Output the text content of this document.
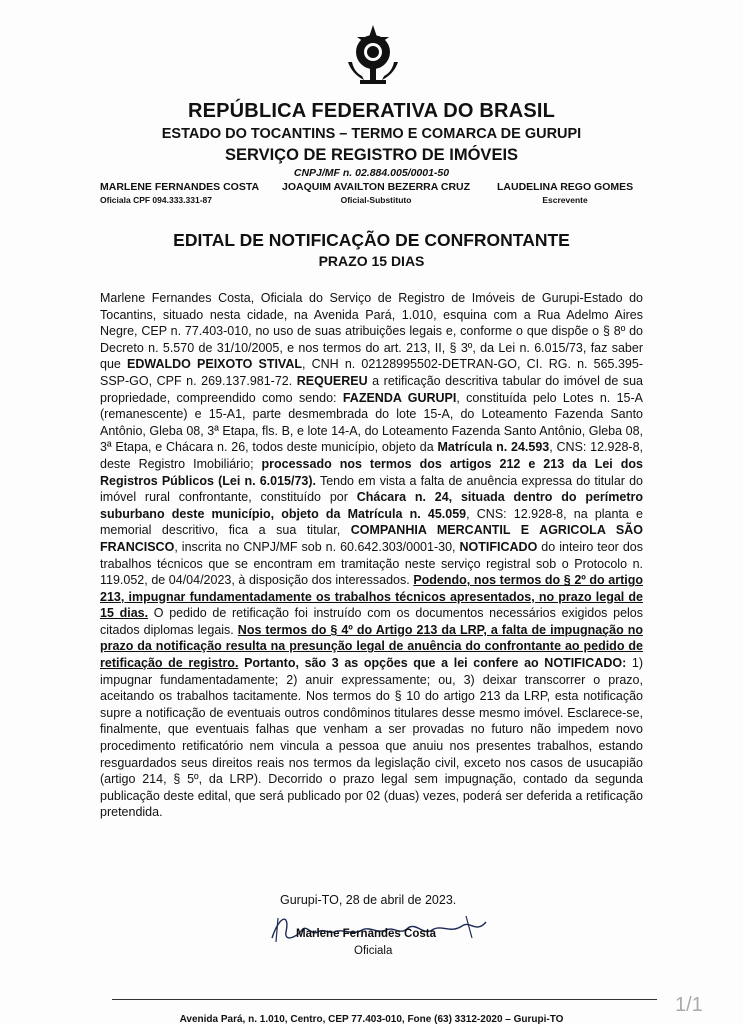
REPÚBLICA FEDERATIVA DO BRASIL
ESTADO DO TOCANTINS – TERMO E COMARCA DE GURUPI
SERVIÇO DE REGISTRO DE IMÓVEIS
CNPJ/MF n. 02.884.005/0001-50
MARLENE FERNANDES COSTA
Oficiala CPF 094.333.331-87
JOAQUIM AVAILTON BEZERRA CRUZ
Oficial-Substituto
LAUDELINA REGO GOMES
Escrevente
EDITAL DE NOTIFICAÇÃO DE CONFRONTANTE
PRAZO 15 DIAS
Marlene Fernandes Costa, Oficiala do Serviço de Registro de Imóveis de Gurupi-Estado do Tocantins, situado nesta cidade, na Avenida Pará, 1.010, esquina com a Rua Adelmo Aires Negre, CEP n. 77.403-010, no uso de suas atribuições legais e, conforme o que dispõe o § 8º do Decreto n. 5.570 de 31/10/2005, e nos termos do art. 213, II, § 3º, da Lei n. 6.015/73, faz saber que EDWALDO PEIXOTO STIVAL, CNH n. 02128995502-DETRAN-GO, CI. RG. n. 565.395-SSP-GO, CPF n. 269.137.981-72. REQUEREU a retificação descritiva tabular do imóvel de sua propriedade, compreendido como sendo: FAZENDA GURUPI, constituída pelo Lotes n. 15-A (remanescente) e 15-A1, parte desmembrada do lote 15-A, do Loteamento Fazenda Santo Antônio, Gleba 08, 3ª Etapa, fls. B, e lote 14-A, do Loteamento Fazenda Santo Antônio, Gleba 08, 3ª Etapa, e Chácara n. 26, todos deste município, objeto da Matrícula n. 24.593, CNS: 12.928-8, deste Registro Imobiliário; processado nos termos dos artigos 212 e 213 da Lei dos Registros Públicos (Lei n. 6.015/73). Tendo em vista a falta de anuência expressa do titular do imóvel rural confrontante, constituído por Chácara n. 24, situada dentro do perímetro suburbano deste município, objeto da Matrícula n. 45.059, CNS: 12.928-8, na planta e memorial descritivo, fica a sua titular, COMPANHIA MERCANTIL E AGRICOLA SÃO FRANCISCO, inscrita no CNPJ/MF sob n. 60.642.303/0001-30, NOTIFICADO do inteiro teor dos trabalhos técnicos que se encontram em tramitação neste serviço registral sob o Protocolo n. 119.052, de 04/04/2023, à disposição dos interessados. Podendo, nos termos do § 2º do artigo 213, impugnar fundamentadamente os trabalhos técnicos apresentados, no prazo legal de 15 dias. O pedido de retificação foi instruído com os documentos necessários exigidos pelos citados diplomas legais. Nos termos do § 4º do Artigo 213 da LRP, a falta de impugnação no prazo da notificação resulta na presunção legal de anuência do confrontante ao pedido de retificação de registro. Portanto, são 3 as opções que a lei confere ao NOTIFICADO: 1) impugnar fundamentadamente; 2) anuir expressamente; ou, 3) deixar transcorrer o prazo, aceitando os trabalhos tacitamente. Nos termos do § 10 do artigo 213 da LRP, esta notificação supre a notificação de eventuais outros condôminos titulares desse mesmo imóvel. Esclarece-se, finalmente, que eventuais falhas que venham a ser provadas no futuro não impedem novo procedimento retificatório nem vincula a pessoa que anuiu nos presentes trabalhos, estando resguardados seus direitos reais nos termos da legislação civil, exceto nos casos de usucapião (artigo 214, § 5º, da LRP). Decorrido o prazo legal sem impugnação, contado da segunda publicação deste edital, que será publicado por 02 (duas) vezes, poderá ser deferida a retificação pretendida.
Gurupi-TO, 28 de abril de 2023.
Marlene Fernandes Costa
Oficiala
Avenida Pará, n. 1.010, Centro, CEP 77.403-010, Fone (63) 3312-2020 – Gurupi-TO
1/1
